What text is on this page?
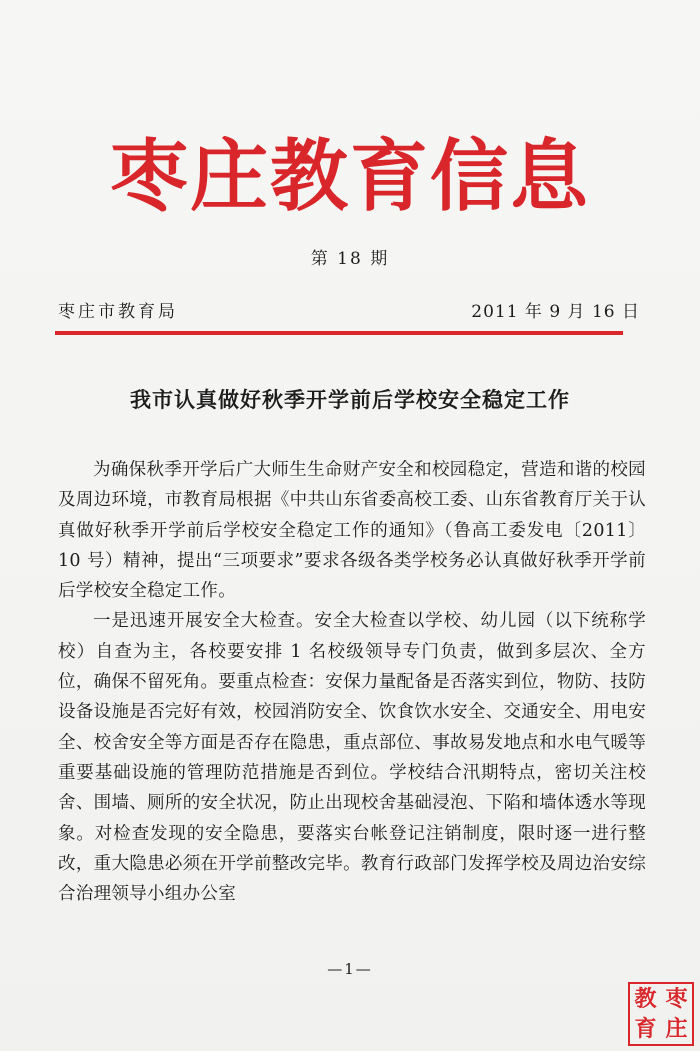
枣庄教育信息
第 18 期
枣庄市教育局	2011 年 9 月 16 日
我市认真做好秋季开学前后学校安全稳定工作

为确保秋季开学后广大师生生命财产安全和校园稳定，营造和谐的校园及周边环境，市教育局根据《中共山东省委高校工委、山东省教育厅关于认真做好秋季开学前后学校安全稳定工作的通知》（鲁高工委发电〔2011〕10 号）精神，提出“三项要求”要求各级各类学校务必认真做好秋季开学前后学校安全稳定工作。

一是迅速开展安全大检查。安全大检查以学校、幼儿园（以下统称学校）自查为主，各校要安排 1 名校级领导专门负责，做到多层次、全方位，确保不留死角。要重点检查：安保力量配备是否落实到位，物防、技防设备设施是否完好有效，校园消防安全、饮食饮水安全、交通安全、用电安全、校舍安全等方面是否存在隐患，重点部位、事故易发地点和水电气暖等重要基础设施的管理防范措施是否到位。学校结合汛期特点，密切关注校舍、围墙、厕所的安全状况，防止出现校舍基础浸泡、下陷和墙体透水等现象。对检查发现的安全隐患，要落实台帐登记注销制度，限时逐一进行整改，重大隐患必须在开学前整改完毕。教育行政部门发挥学校及周边治安综合治理领导小组办公室

—1—
教 枣
育 庄
